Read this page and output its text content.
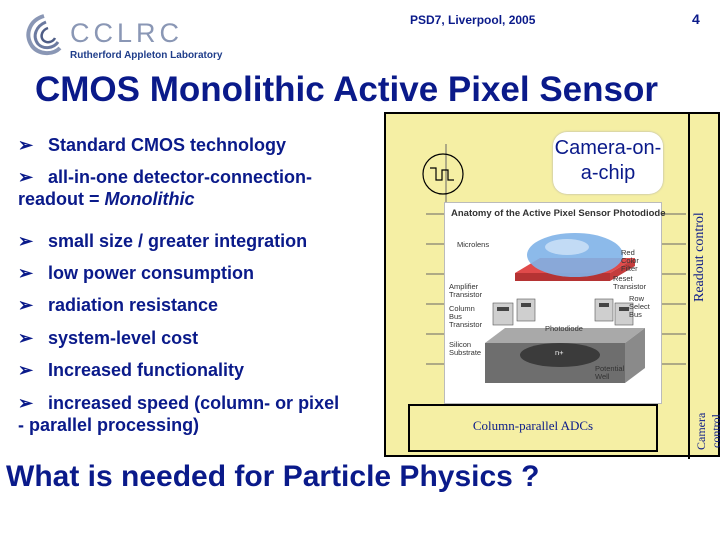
CCLRC
Rutherford Appleton Laboratory
PSD7, Liverpool, 2005	4
CMOS Monolithic Active Pixel Sensor
Readout control
Column-parallel ADCs	Camera
control
Camera-on-a-chip
Anatomy of the Active Pixel Sensor Photodiode
Microlens
Red
Color
Filter
Reset
Transistor
Row
Select
Bus
Amplifier
Transistor
Column
Bus
Transistor	Photodiode
Silicon
Substrate	n+
Potential
Well
➢ Standard CMOS technology
➢ all-in-one detector-connection-
readout = Monolithic
➢ small size / greater integration
➢ low power consumption
➢ radiation resistance
➢ system-level cost
➢ Increased functionality
➢ increased speed (column- or pixel
- parallel processing)
What is needed for Particle Physics ?
